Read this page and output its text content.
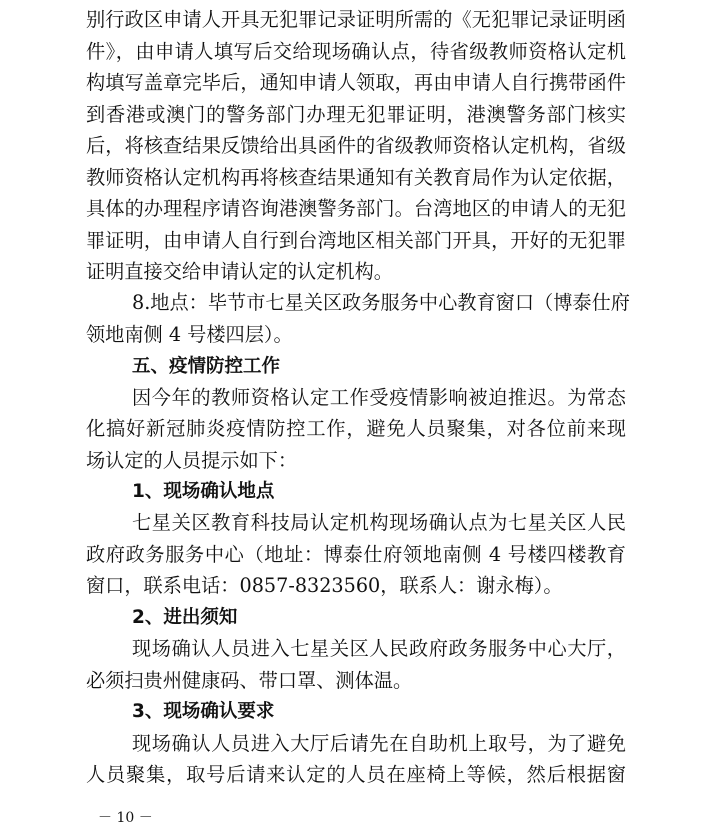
别行政区申请人开具无犯罪记录证明所需的《无犯罪记录证明函
件》，由申请人填写后交给现场确认点，待省级教师资格认定机
构填写盖章完毕后，通知申请人领取，再由申请人自行携带函件
到香港或澳门的警务部门办理无犯罪证明，港澳警务部门核实
后，将核查结果反馈给出具函件的省级教师资格认定机构，省级
教师资格认定机构再将核查结果通知有关教育局作为认定依据，
具体的办理程序请咨询港澳警务部门。台湾地区的申请人的无犯
罪证明，由申请人自行到台湾地区相关部门开具，开好的无犯罪
证明直接交给申请认定的认定机构。
8.地点：毕节市七星关区政务服务中心教育窗口（博泰仕府
领地南侧 4 号楼四层）。
五、疫情防控工作
因今年的教师资格认定工作受疫情影响被迫推迟。为常态
化搞好新冠肺炎疫情防控工作，避免人员聚集，对各位前来现
场认定的人员提示如下：
1、现场确认地点
七星关区教育科技局认定机构现场确认点为七星关区人民
政府政务服务中心（地址：博泰仕府领地南侧 4 号楼四楼教育
窗口，联系电话：0857-8323560，联系人：谢永梅）。
2、进出须知
现场确认人员进入七星关区人民政府政务服务中心大厅，
必须扫贵州健康码、带口罩、测体温。
3、现场确认要求
现场确认人员进入大厅后请先在自助机上取号，为了避免
人员聚集，取号后请来认定的人员在座椅上等候，然后根据窗
－ 10 －
